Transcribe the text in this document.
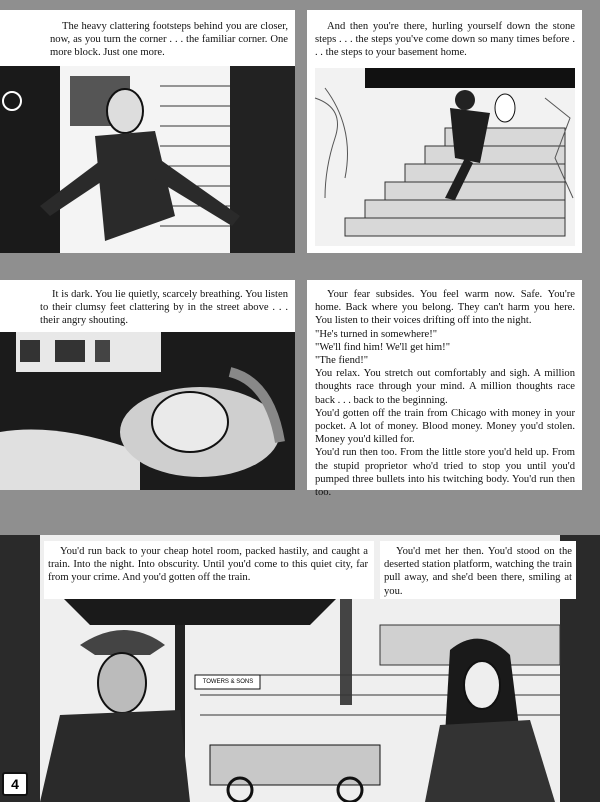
The heavy clattering footsteps behind you are closer, now, as you turn the corner . . . the familiar corner. One more block. Just one more.

And then you're there, hurling yourself down the stone steps . . . the steps you've come down so many times before . . . the steps to your basement home.

It is dark. You lie quietly, scarcely breathing. You listen to their clumsy feet clattering by in the street above . . . their angry shouting.

Your fear subsides. You feel warm now. Safe. You're home. Back where you belong. They can't harm you here. You listen to their voices drifting off into the night.
"He's turned in somewhere!"
"We'll find him! We'll get him!"
"The fiend!"
You relax. You stretch out comfortably and sigh. A million thoughts race through your mind. A million thoughts race back . . . back to the beginning.
You'd gotten off the train from Chicago with money in your pocket. A lot of money. Blood money. Money you'd stolen. Money you'd killed for.
You'd run then too. From the little store you'd held up. From the stupid proprietor who'd tried to stop you until you'd pumped three bullets into his twitching body. You'd run then too.

TOWERS & SONS

You'd run back to your cheap hotel room, packed hastily, and caught a train. Into the night. Into obscurity. Until you'd come to this quiet city, far from your crime. And you'd gotten off the train.

You'd met her then. You'd stood on the deserted station platform, watching the train pull away, and she'd been there, smiling at you.

4
